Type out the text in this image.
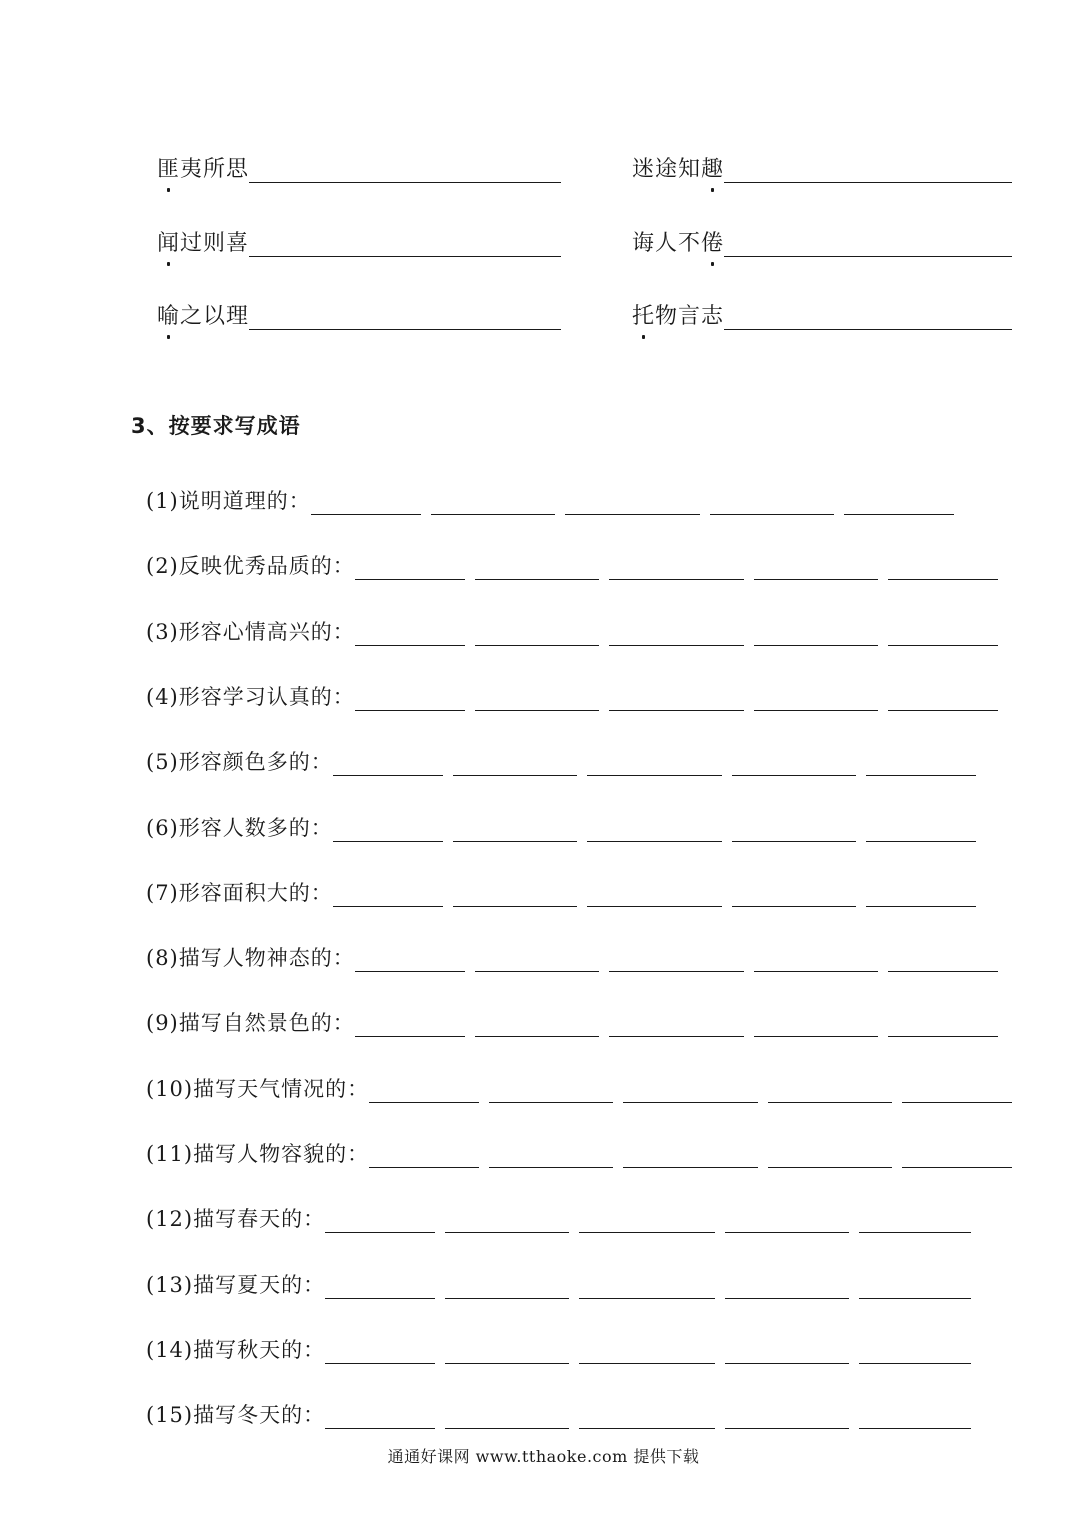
匪夷所思	迷途知趣
闻过则喜	诲人不倦
喻之以理	托物言志
3、按要求写成语
(1)说明道理的：
(2)反映优秀品质的：
(3)形容心情高兴的：
(4)形容学习认真的：
(5)形容颜色多的：
(6)形容人数多的：
(7)形容面积大的：
(8)描写人物神态的：
(9)描写自然景色的：
(10)描写天气情况的：
(11)描写人物容貌的：
(12)描写春天的：
(13)描写夏天的：
(14)描写秋天的：
(15)描写冬天的：
通通好课网 www.tthaoke.com 提供下载
